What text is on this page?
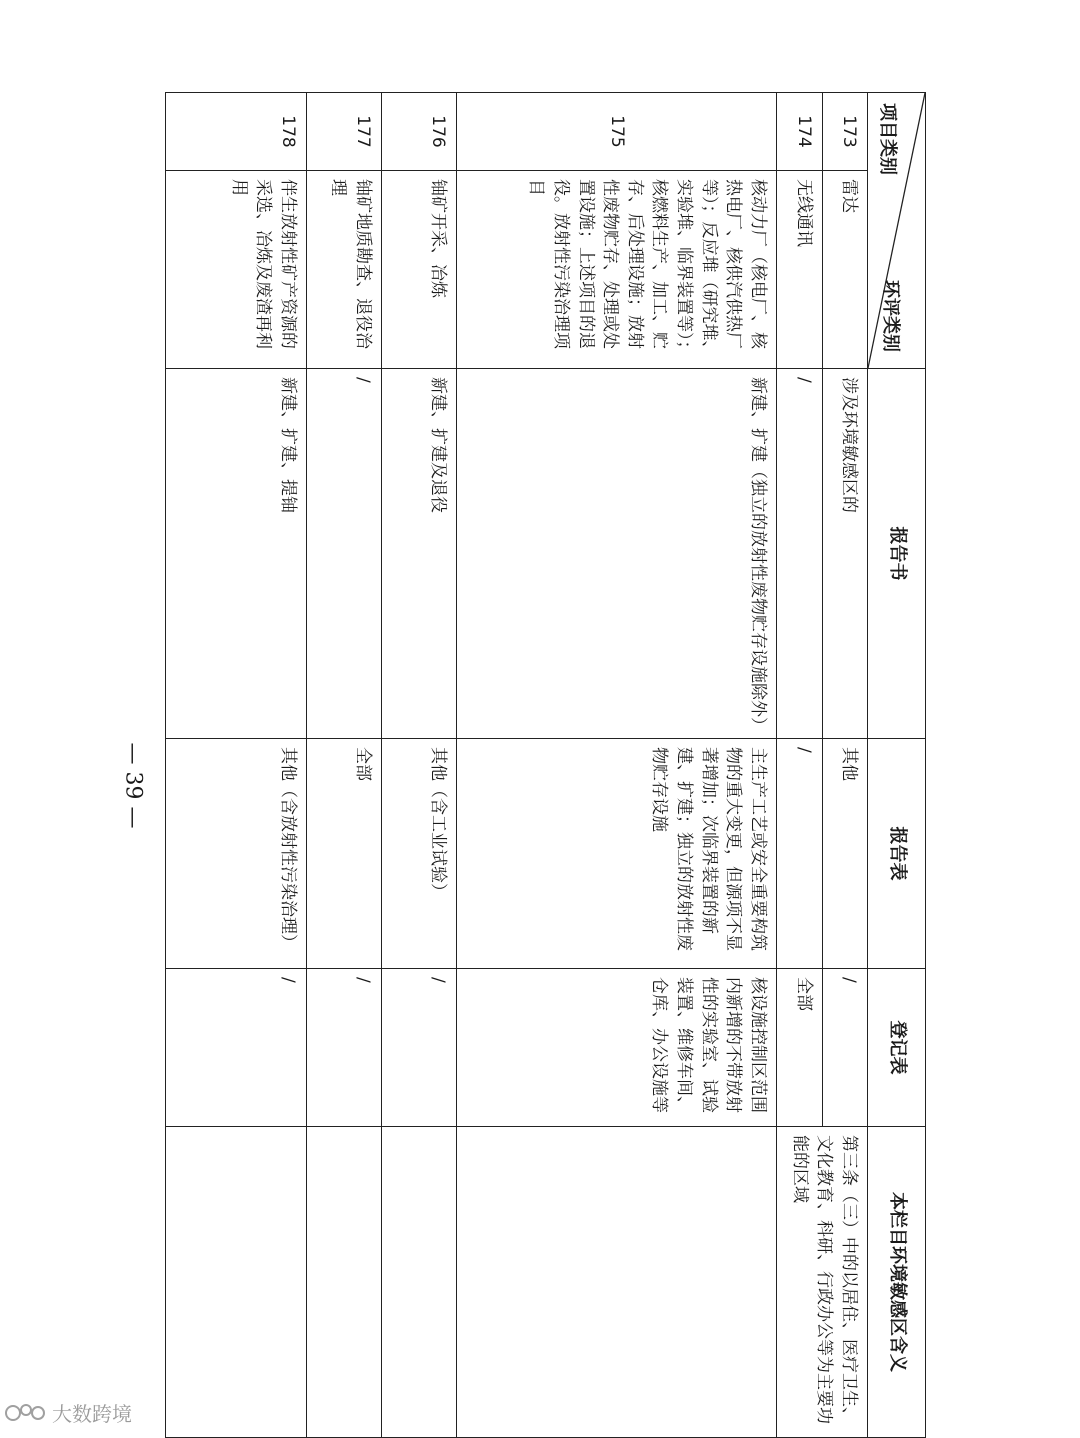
环评类别
项目类别		报告书	报告表	登记表	本栏目环境敏感区含义
173	雷达	涉及环境敏感区的	其他	/	第三条（三）中的以居住、医疗卫生、文化教育、科研、行政办公等为主要功能的区域
174	无线通讯	/	/	全部	
175	核动力厂（核电厂、核热电厂、核供汽供热厂等）；反应堆（研究堆、实验堆、临界装置等）；核燃料生产、加工、贮存、后处理设施；放射性废物贮存、处理或处置设施；上述项目的退役。放射性污染治理项目	新建、扩建（独立的放射性废物贮存设施除外）	主生产工艺或安全重要构筑物的重大变更，但源项不显著增加；次临界装置的新建、扩建；独立的放射性废物贮存设施	核设施控制区范围内新增的不带放射性的实验室、试验装置、维修车间、仓库、办公设施等	
176	铀矿开采、冶炼	新建、扩建及退役	其他（含工业试验）	/	
177	铀矿地质勘查、退役治理	/	全部	/	
178	伴生放射性矿产资源的采选、冶炼及废渣再利用	新建、扩建、提铀	其他（含放射性污染治理）	/	
— 39 —
大数跨境
